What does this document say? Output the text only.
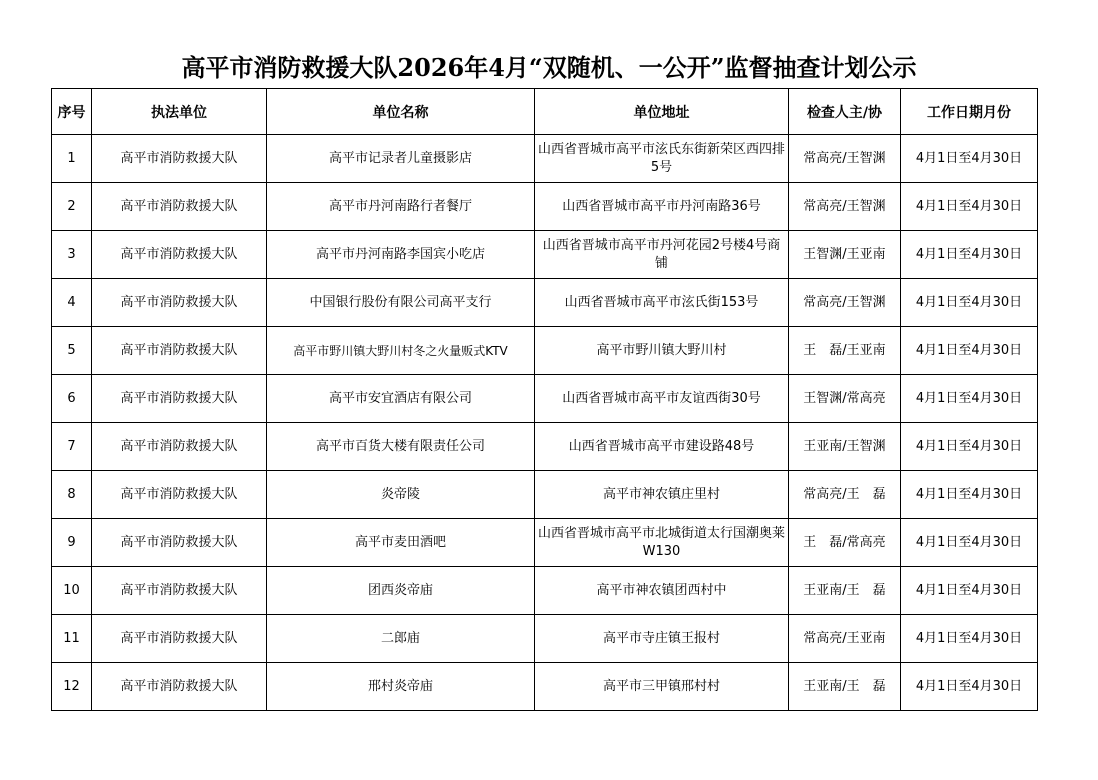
高平市消防救援大队2026年4月“双随机、一公开”监督抽查计划公示
序号	执法单位	单位名称	单位地址	检查人主/协	工作日期月份
1	高平市消防救援大队	高平市记录者儿童摄影店	山西省晋城市高平市泫氏东街新荣区西四排5号	常高亮/王智渊	4月1日至4月30日
2	高平市消防救援大队	高平市丹河南路行者餐厅	山西省晋城市高平市丹河南路36号	常高亮/王智渊	4月1日至4月30日
3	高平市消防救援大队	高平市丹河南路李国宾小吃店	山西省晋城市高平市丹河花园2号楼4号商铺	王智渊/王亚南	4月1日至4月30日
4	高平市消防救援大队	中国银行股份有限公司高平支行	山西省晋城市高平市泫氏街153号	常高亮/王智渊	4月1日至4月30日
5	高平市消防救援大队	高平市野川镇大野川村冬之火量贩式KTV	高平市野川镇大野川村	王　磊/王亚南	4月1日至4月30日
6	高平市消防救援大队	高平市安宜酒店有限公司	山西省晋城市高平市友谊西街30号	王智渊/常高亮	4月1日至4月30日
7	高平市消防救援大队	高平市百货大楼有限责任公司	山西省晋城市高平市建设路48号	王亚南/王智渊	4月1日至4月30日
8	高平市消防救援大队	炎帝陵	高平市神农镇庄里村	常高亮/王　磊	4月1日至4月30日
9	高平市消防救援大队	高平市麦田酒吧	山西省晋城市高平市北城街道太行国潮奥莱W130	王　磊/常高亮	4月1日至4月30日
10	高平市消防救援大队	团西炎帝庙	高平市神农镇团西村中	王亚南/王　磊	4月1日至4月30日
11	高平市消防救援大队	二郎庙	高平市寺庄镇王报村	常高亮/王亚南	4月1日至4月30日
12	高平市消防救援大队	邢村炎帝庙	高平市三甲镇邢村村	王亚南/王　磊	4月1日至4月30日
